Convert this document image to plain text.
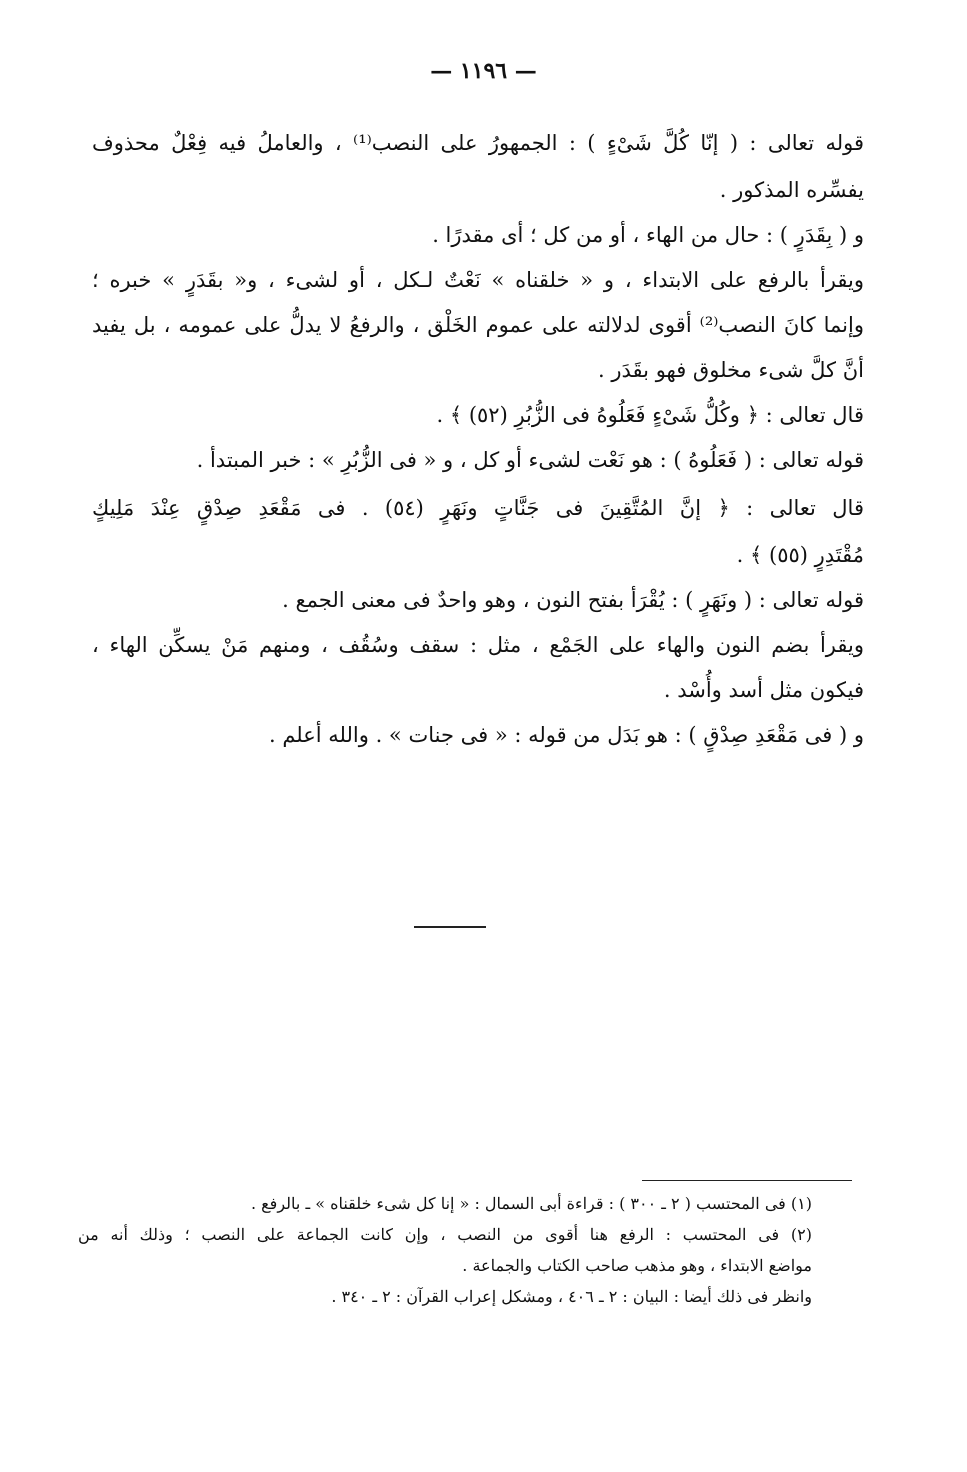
— ١١٩٦ —
قوله تعالى : ( إنّا كُلَّ شَىْءٍ ) : الجمهورُ على النصب⁽¹⁾ ، والعاملُ فيه فِعْلٌ محذوف
يفسِّره المذكور .
و ( بِقَدَرٍ ) : حال من الهاء ، أو من كل ؛ أى مقدرًا .
ويقرأ بالرفع على الابتداء ، و « خلقناه » نَعْتٌ لـكل ، أو لشىء ، و« بقَدَرٍ » خبره ؛
وإنما كانَ النصب⁽²⁾ أقوى لدلالته على عموم الخَلْق ، والرفعُ لا يدلُّ على عمومه ، بل يفيد
أنَّ كلَّ شىء مخلوق فهو بقَدَر .
قال تعالى : ﴿ وكُلُّ شَىْءٍ فَعَلُوهُ فى الزُّبُرِ (٥٢) ﴾ .
قوله تعالى : ( فَعَلُوهُ ) : هو نَعْت لشىء أو كل ، و « فى الزُّبُرِ » : خبر المبتدأ .
قال تعالى : ﴿ إنَّ المُتَّقِينَ فى جَنَّاتٍ ونَهَرٍ (٥٤) . فى مَقْعَدِ صِدْقٍ عِنْدَ مَلِيكٍ
مُقْتَدِرٍ (٥٥) ﴾ .
قوله تعالى : ( ونَهَرٍ ) : يُقْرَأ بفتح النون ، وهو واحدٌ فى معنى الجمع .
ويقرأ بضم النون والهاء على الجَمْع ، مثل : سقف وسُقُف ، ومنهم مَنْ يسكِّن الهاء ،
فيكون مثل أسد وأُسْد .
و ( فى مَقْعَدِ صِدْقٍ ) : هو بَدَل من قوله : « فى جنات » . والله أعلم .
(١) فى المحتسب ( ٢ ـ ٣٠٠ ) : قراءة أبى السمال : « إنا كل شىء خلقناه » ـ بالرفع .
(٢) فى المحتسب : الرفع هنا أقوى من النصب ، وإن كانت الجماعة على النصب ؛ وذلك أنه من
مواضع الابتداء ، وهو مذهب صاحب الكتاب والجماعة .
وانظر فى ذلك أيضا : البيان : ٢ ـ ٤٠٦ ، ومشكل إعراب القرآن : ٢ ـ ٣٤٠ .
